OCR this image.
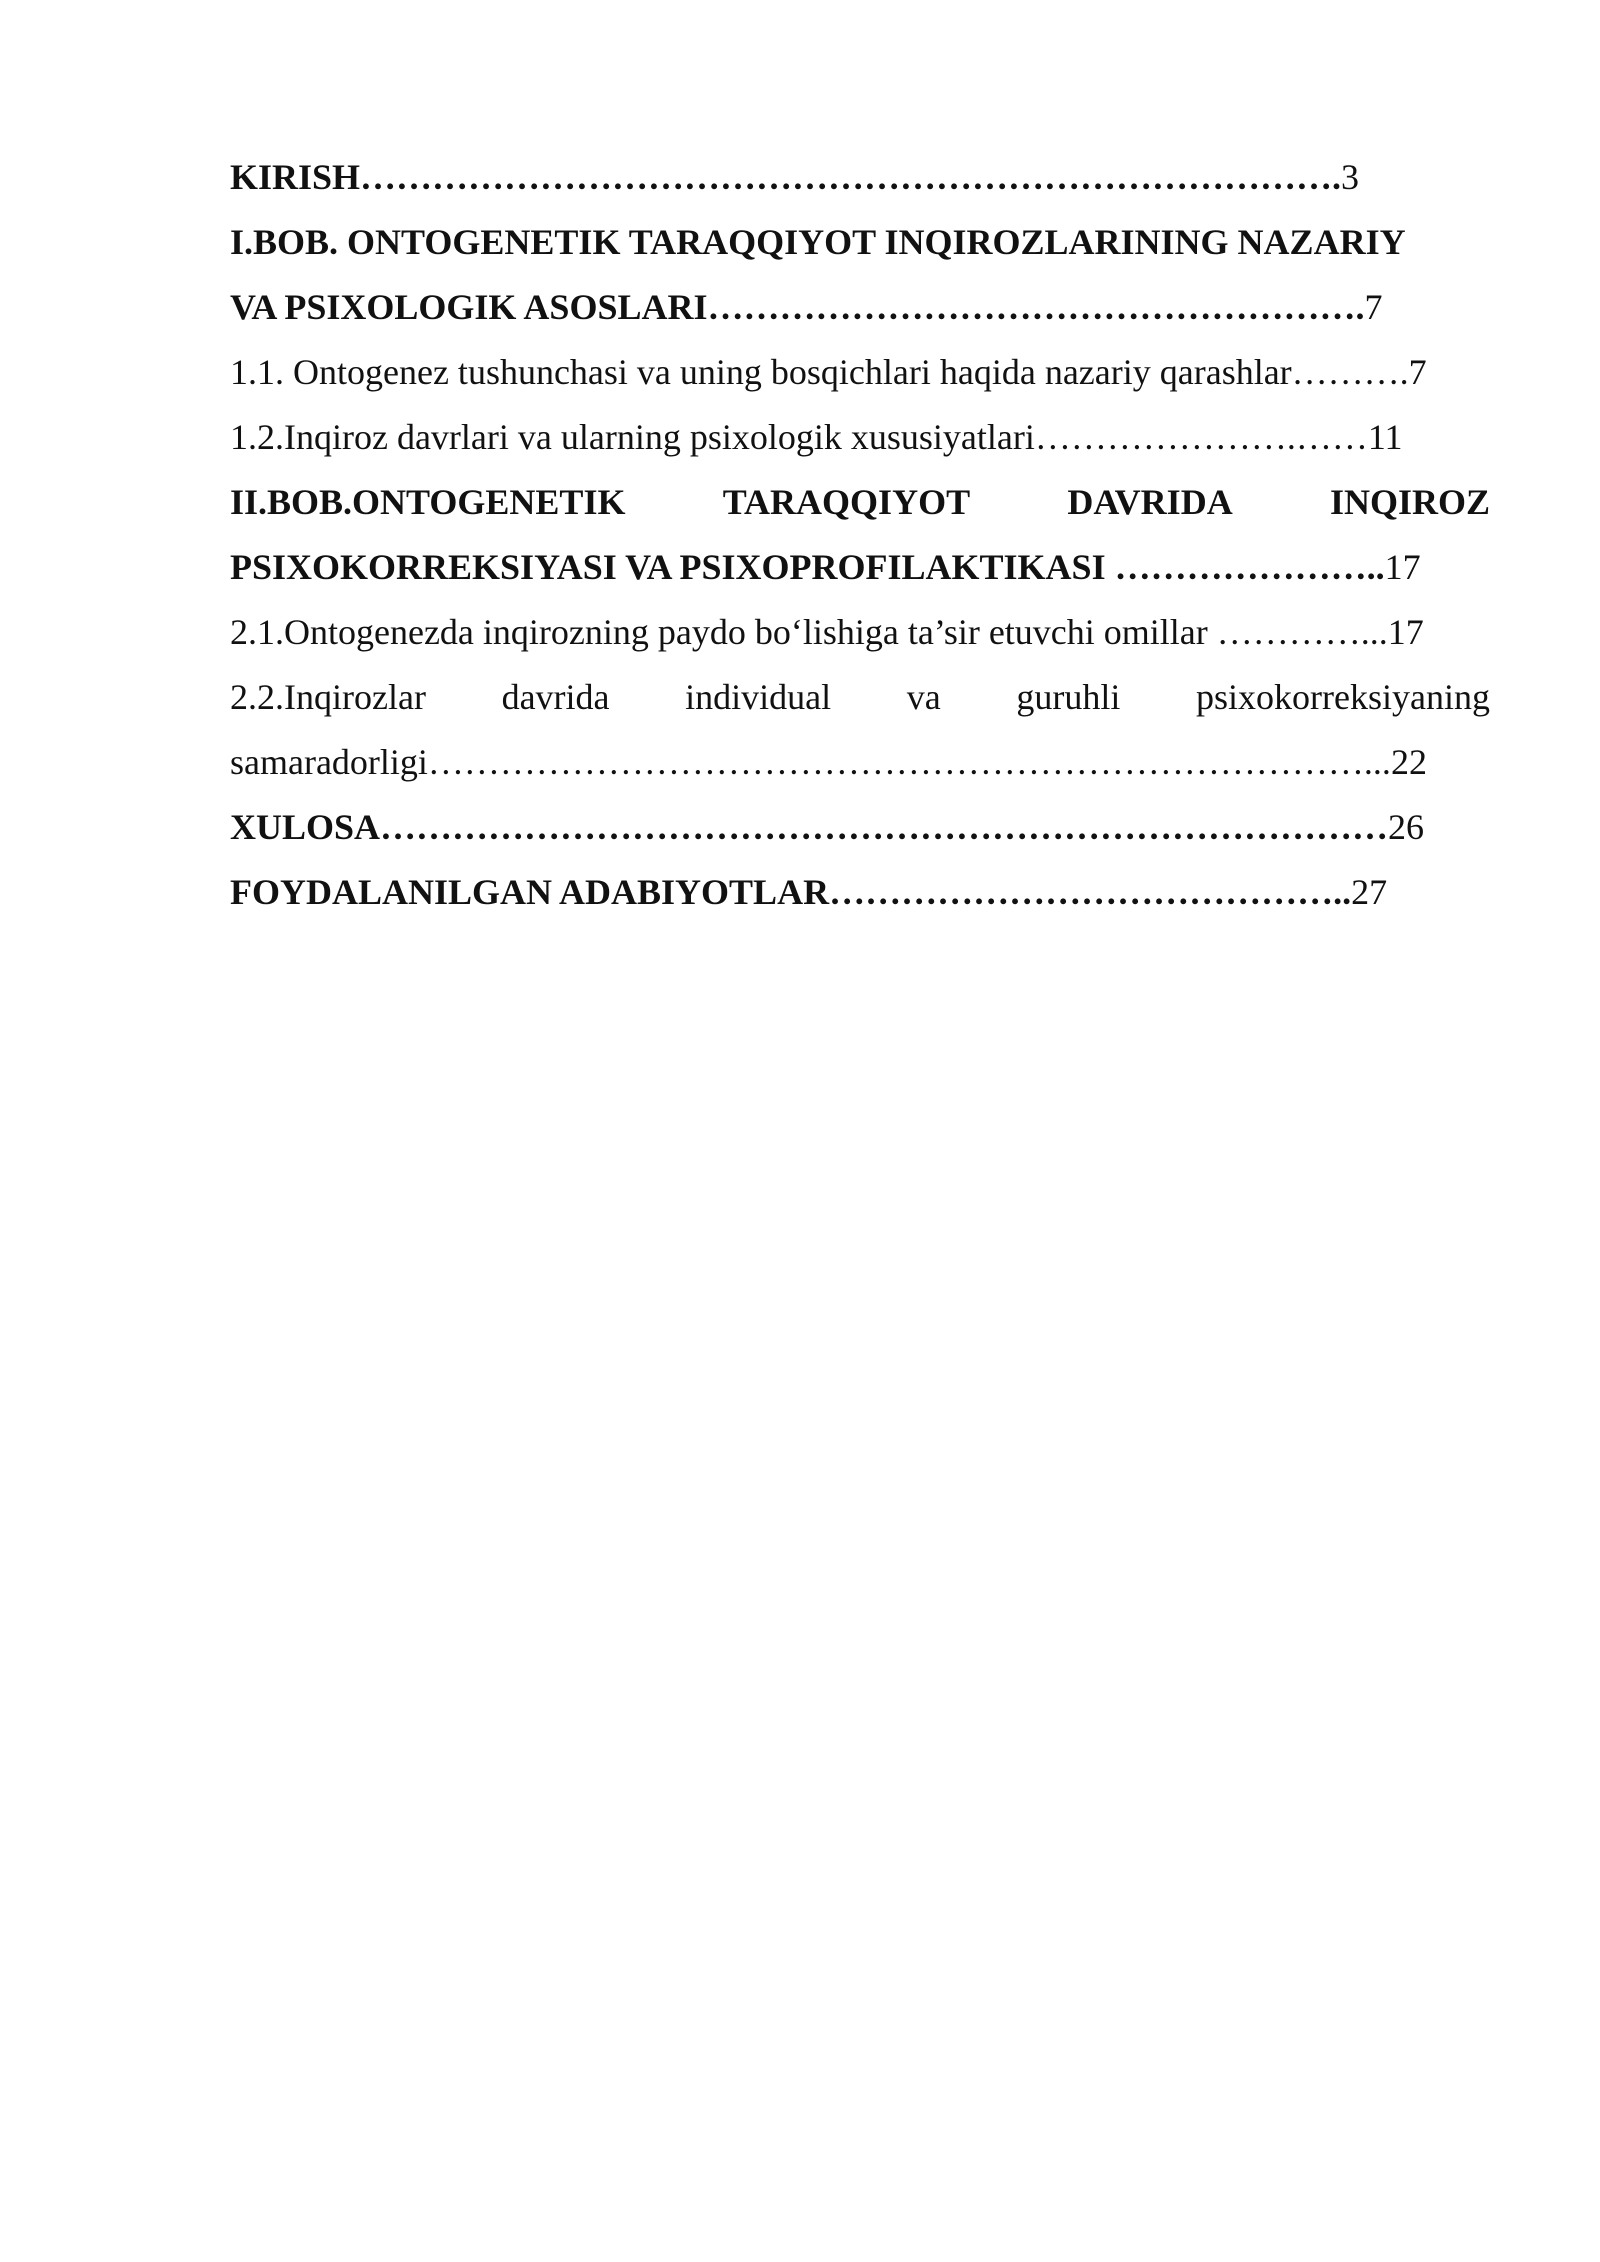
KIRISH……………………………………………………………………….3
I.BOB. ONTOGENETIK TARAQQIYOT INQIROZLARINING NAZARIY
VA PSIXOLOGIK ASOSLARI……………………………………………….7
1.1. Ontogenez tushunchasi va uning bosqichlari haqida nazariy qarashlar……….7
1.2.Inqiroz davrlari va ularning psixologik xususiyatlari………………….……11
II.BOB.ONTOGENETIK	TARAQQIYOT	DAVRIDA	INQIROZ
PSIXOKORREKSIYASI VA PSIXOPROFILAKTIKASI …………………..17
2.1.Ontogenezda inqirozning paydo bo‘lishiga ta’sir etuvchi omillar …………...17
2.2.Inqirozlar davrida individual va guruhli psixokorreksiyaning
samaradorligi……………………………………………………………………...22
XULOSA…………………………………………………………………………26
FOYDALANILGAN ADABIYOTLAR……………………………………..27
